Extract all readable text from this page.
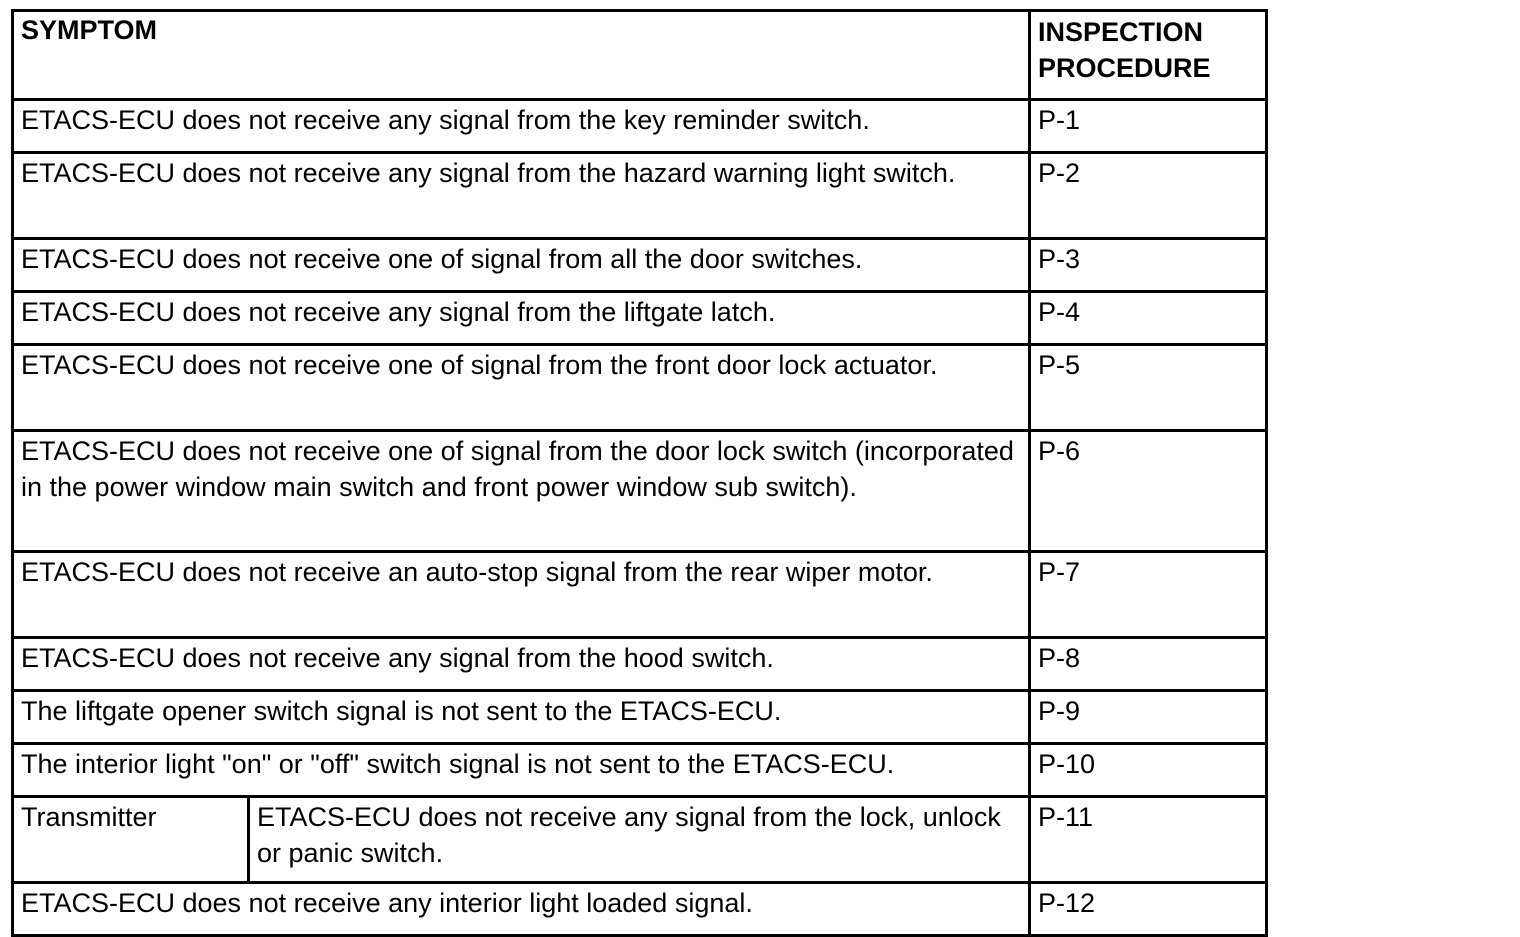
SYMPTOM		INSPECTION PROCEDURE
ETACS-ECU does not receive any signal from the key reminder switch.		P-1
ETACS-ECU does not receive any signal from the hazard warning light switch.		P-2
ETACS-ECU does not receive one of signal from all the door switches.		P-3
ETACS-ECU does not receive any signal from the liftgate latch.		P-4
ETACS-ECU does not receive one of signal from the front door lock actuator.		P-5
ETACS-ECU does not receive one of signal from the door lock switch (incorporated in the power window main switch and front power window sub switch).		P-6
ETACS-ECU does not receive an auto-stop signal from the rear wiper motor.		P-7
ETACS-ECU does not receive any signal from the hood switch.		P-8
The liftgate opener switch signal is not sent to the ETACS-ECU.		P-9
The interior light "on" or "off" switch signal is not sent to the ETACS-ECU.		P-10
Transmitter	ETACS-ECU does not receive any signal from the lock, unlock or panic switch.	P-11
ETACS-ECU does not receive any interior light loaded signal.		P-12
